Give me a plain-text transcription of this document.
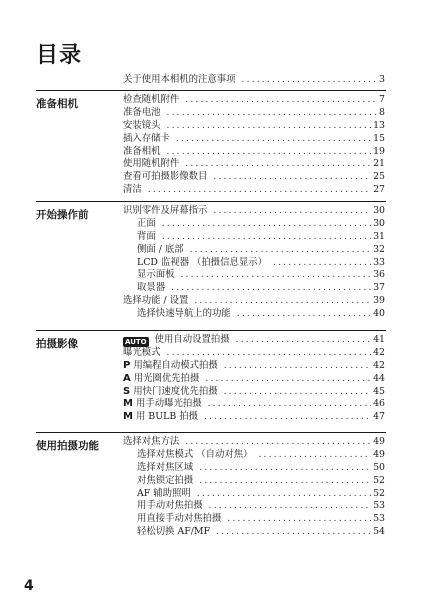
目录
关于使用本相机的注意事项 .....	3
准备相机	检查随机附件 .....	7
准备电池 .....	8
安装镜头 .....	13
插入存储卡 .....	15
准备相机 .....	19
使用随机附件 .....	21
查看可拍摄影像数目 .....	25
清洁 .....	27
开始操作前	识别零件及屏幕指示 .....	30
正面 .....	30
背面 .....	31
侧面 / 底部 .....	32
LCD 监视器 （拍摄信息显示） .....	33
显示面板 .....	36
取景器 .....	37
选择功能 / 设置 .....	39
选择快速导航上的功能 .....	40
拍摄影像	AUTO 使用自动设置拍摄 .....	41
曝光模式 .....	42
P 用编程自动模式拍摄 .....	42
A 用光圈优先拍摄 .....	44
S 用快门速度优先拍摄 .....	45
M 用手动曝光拍摄 .....	46
M 用 BULB 拍摄 .....	47
使用拍摄功能	选择对焦方法 .....	49
选择对焦模式 （自动对焦） .....	49
选择对焦区域 .....	50
对焦锁定拍摄 .....	52
AF 辅助照明 .....	52
用手动对焦拍摄 .....	53
用直接手动对焦拍摄 .....	53
轻松切换 AF/MF .....	54
4
